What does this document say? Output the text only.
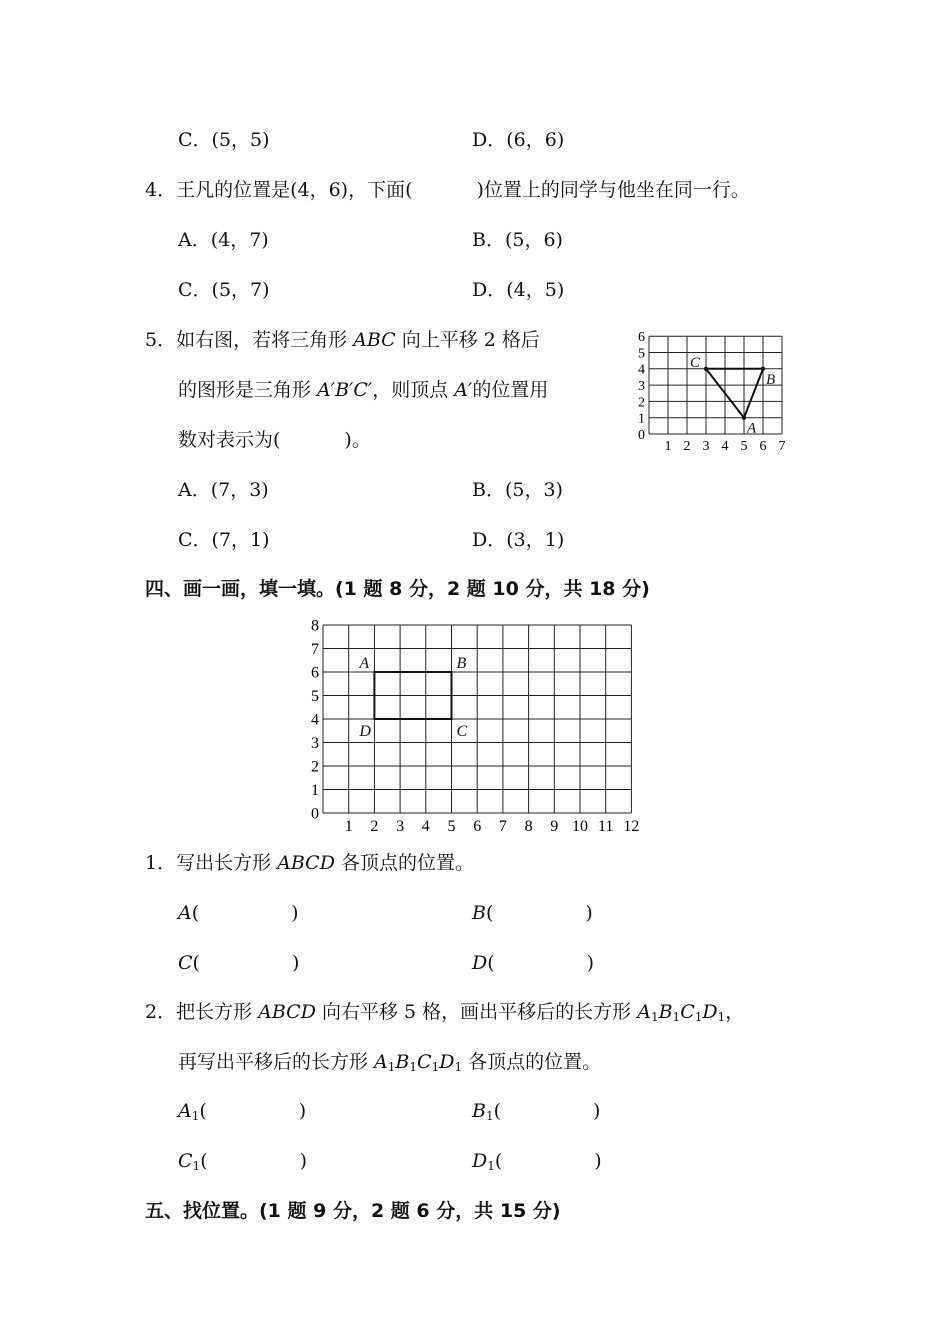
C．(5，5)	D．(6，6)
4．王凡的位置是(4，6)，下面(	)位置上的同学与他坐在同一行。
A．(4，7)	B．(5，6)
C．(5，7)	D．(4，5)
5．如右图，若将三角形 ABC 向上平移 2 格后
的图形是三角形 A′B′C′，则顶点 A′的位置用
数对表示为(	)。
A．(7，3)	B．(5，3)
C．(7，1)	D．(3，1)
1 2 3 4 5 6 7
0
1
2
3
4
5
6
C
B
A
四、画一画，填一填。(1 题 8 分，2 题 10 分，共 18 分)
1 2 3 4 5 6 7 8 9 10 11 12
0
1
2
3
4
5
6
7
8
A	B
C
D
1．写出长方形 ABCD 各顶点的位置。
A(	)	B(	)
C(	)	D(	)
2．把长方形 ABCD 向右平移 5 格，画出平移后的长方形 $A_1B_1C_1D_1$，
再写出平移后的长方形 $A_1B_1C_1D_1$ 各顶点的位置。
$A_1$(	)	$B_1$(	)
$C_1$(	)	$D_1$(	)
五、找位置。(1 题 9 分，2 题 6 分，共 15 分)
